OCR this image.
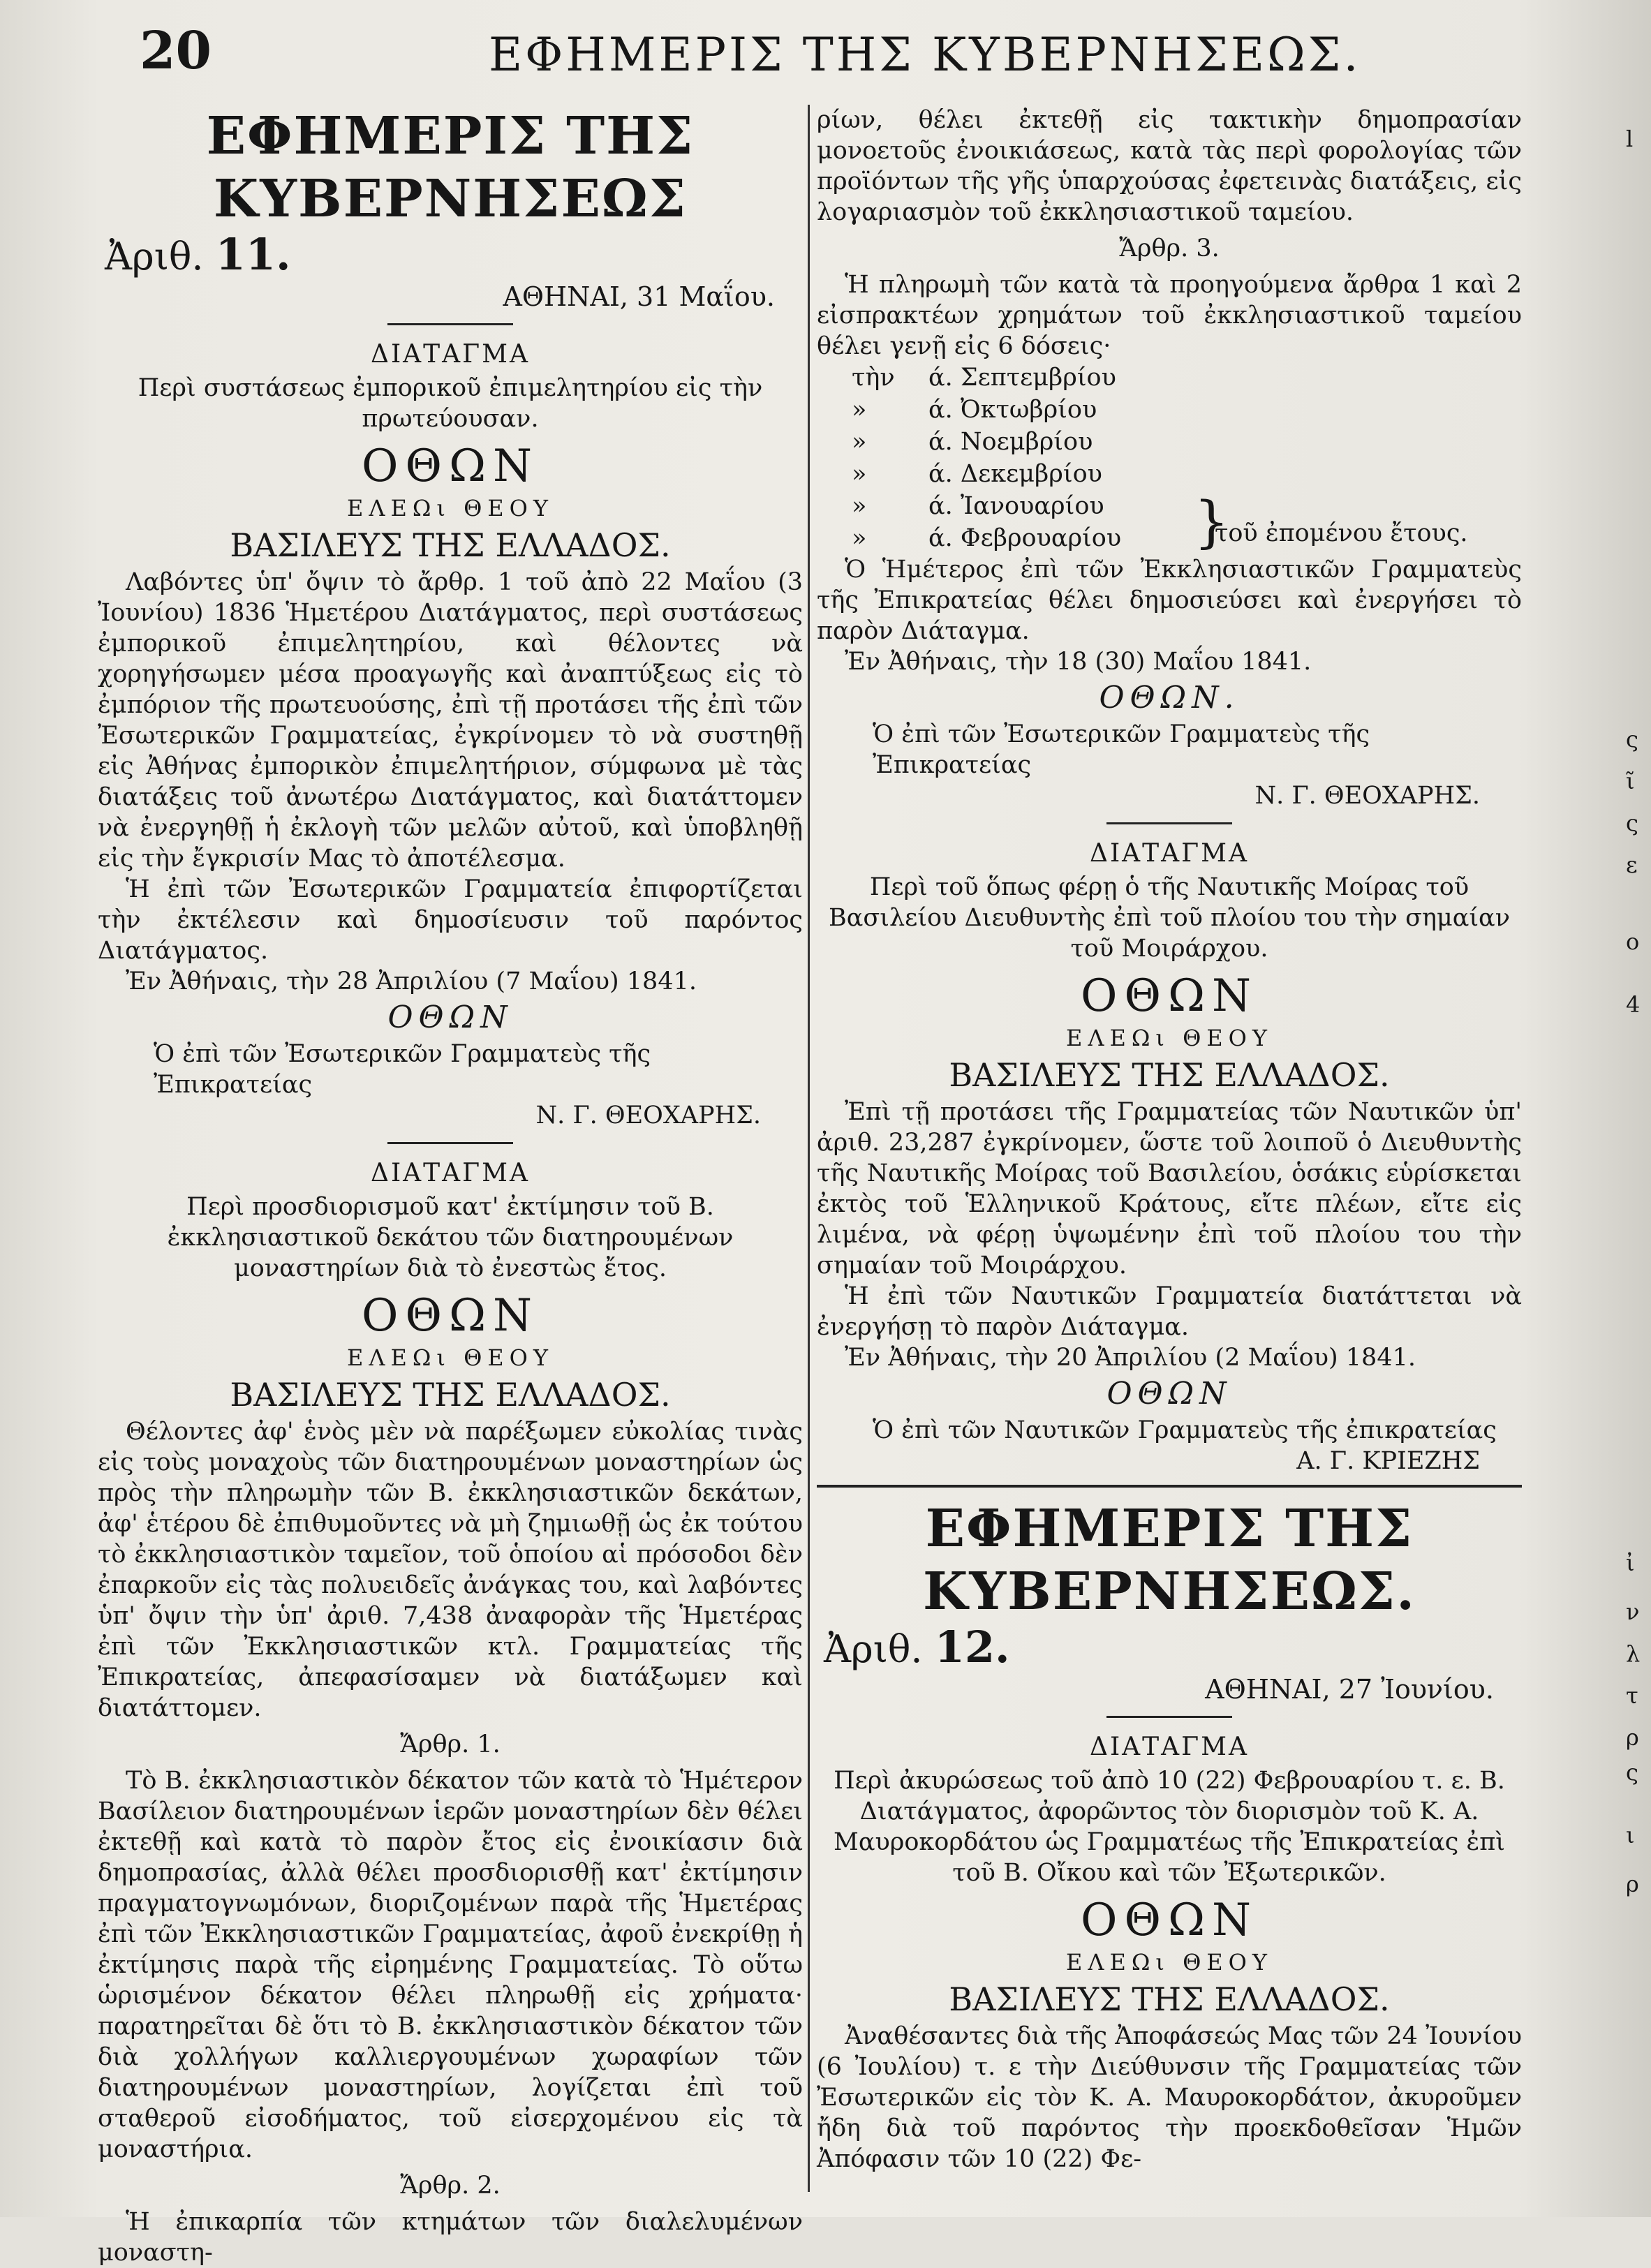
20	ΕΦΗΜΕΡΙΣ ΤΗΣ ΚΥΒΕΡΝΗΣΕΩΣ.
ΕΦΗΜΕΡΙΣ ΤΗΣ ΚΥΒΕΡΝΗΣΕΩΣ
Ἀριθ. 11.
ΑΘΗΝΑΙ, 31 Μαΐου.
ΔΙΑΤΑΓΜΑ
Περὶ συστάσεως ἐμπορικοῦ ἐπιμελητηρίου εἰς τὴν πρωτεύουσαν.
ΟΘΩΝ
ΕΛΕΩι ΘΕΟΥ
ΒΑΣΙΛΕΥΣ ΤΗΣ ΕΛΛΑΔΟΣ.

Λαβόντες ὑπ' ὄψιν τὸ ἄρθρ. 1 τοῦ ἀπὸ 22 Μαΐου (3 Ἰουνίου) 1836 Ἡμετέρου Διατάγματος, περὶ συστάσεως ἐμπορικοῦ ἐπιμελητηρίου, καὶ θέλοντες νὰ χορηγήσωμεν μέσα προαγωγῆς καὶ ἀναπτύξεως εἰς τὸ ἐμπόριον τῆς πρωτευούσης, ἐπὶ τῇ προτάσει τῆς ἐπὶ τῶν Ἐσωτερικῶν Γραμματείας, ἐγκρίνομεν τὸ νὰ συστηθῇ εἰς Ἀθήνας ἐμπορικὸν ἐπιμελητήριον, σύμφωνα μὲ τὰς διατάξεις τοῦ ἀνωτέρω Διατάγματος, καὶ διατάττομεν νὰ ἐνεργηθῇ ἡ ἐκλογὴ τῶν μελῶν αὐτοῦ, καὶ ὑποβληθῇ εἰς τὴν ἔγκρισίν Μας τὸ ἀποτέλεσμα.

Ἡ ἐπὶ τῶν Ἐσωτερικῶν Γραμματεία ἐπιφορτίζεται τὴν ἐκτέλεσιν καὶ δημοσίευσιν τοῦ παρόντος Διατάγματος.

Ἐν Ἀθήναις, τὴν 28 Ἀπριλίου (7 Μαΐου) 1841.

ΟΘΩΝ
Ὁ ἐπὶ τῶν Ἐσωτερικῶν Γραμματεὺς τῆς Ἐπικρατείας
Ν. Γ. ΘΕΟΧΑΡΗΣ.
ΔΙΑΤΑΓΜΑ
Περὶ προσδιορισμοῦ κατ' ἐκτίμησιν τοῦ Β. ἐκκλησιαστικοῦ δεκάτου τῶν διατηρουμένων μοναστηρίων διὰ τὸ ἐνεστὼς ἔτος.
ΟΘΩΝ
ΕΛΕΩι ΘΕΟΥ
ΒΑΣΙΛΕΥΣ ΤΗΣ ΕΛΛΑΔΟΣ.

Θέλοντες ἀφ' ἑνὸς μὲν νὰ παρέξωμεν εὐκολίας τινὰς εἰς τοὺς μοναχοὺς τῶν διατηρουμένων μοναστηρίων ὡς πρὸς τὴν πληρωμὴν τῶν Β. ἐκκλησιαστικῶν δεκάτων, ἀφ' ἑτέρου δὲ ἐπιθυμοῦντες νὰ μὴ ζημιωθῇ ὡς ἐκ τούτου τὸ ἐκκλησιαστικὸν ταμεῖον, τοῦ ὁποίου αἱ πρόσοδοι δὲν ἐπαρκοῦν εἰς τὰς πολυειδεῖς ἀνάγκας του, καὶ λαβόντες ὑπ' ὄψιν τὴν ὑπ' ἀριθ. 7,438 ἀναφορὰν τῆς Ἡμετέρας ἐπὶ τῶν Ἐκκλησιαστικῶν κτλ. Γραμματείας τῆς Ἐπικρατείας, ἀπεφασίσαμεν νὰ διατάξωμεν καὶ διατάττομεν.

Ἄρθρ. 1.

Τὸ Β. ἐκκλησιαστικὸν δέκατον τῶν κατὰ τὸ Ἡμέτερον Βασίλειον διατηρουμένων ἱερῶν μοναστηρίων δὲν θέλει ἐκτεθῇ καὶ κατὰ τὸ παρὸν ἔτος εἰς ἐνοικίασιν διὰ δημοπρασίας, ἀλλὰ θέλει προσδιορισθῇ κατ' ἐκτίμησιν πραγματογνωμόνων, διοριζομένων παρὰ τῆς Ἡμετέρας ἐπὶ τῶν Ἐκκλησιαστικῶν Γραμματείας, ἀφοῦ ἐνεκρίθῃ ἡ ἐκτίμησις παρὰ τῆς εἰρημένης Γραμματείας. Τὸ οὕτω ὡρισμένον δέκατον θέλει πληρωθῇ εἰς χρήματα· παρατηρεῖται δὲ ὅτι τὸ Β. ἐκκλησιαστικὸν δέκατον τῶν διὰ χολλήγων καλλιεργουμένων χωραφίων τῶν διατηρουμένων μοναστηρίων, λογίζεται ἐπὶ τοῦ σταθεροῦ εἰσοδήματος, τοῦ εἰσερχομένου εἰς τὰ μοναστήρια.

Ἄρθρ. 2.

Ἡ ἐπικαρπία τῶν κτημάτων τῶν διαλελυμένων μοναστη-

ρίων, θέλει ἐκτεθῇ εἰς τακτικὴν δημοπρασίαν μονοετοῦς ἐνοικιάσεως, κατὰ τὰς περὶ φορολογίας τῶν προϊόντων τῆς γῆς ὑπαρχούσας ἐφετεινὰς διατάξεις, εἰς λογαριασμὸν τοῦ ἐκκλησιαστικοῦ ταμείου.

Ἄρθρ. 3.

Ἡ πληρωμὴ τῶν κατὰ τὰ προηγούμενα ἄρθρα 1 καὶ 2 εἰσπρακτέων χρημάτων τοῦ ἐκκλησιαστικοῦ ταμείου θέλει γενῇ εἰς 6 δόσεις·

τὴν	ά. Σεπτεμβρίου
»	ά. Ὀκτωβρίου
»	ά. Νοεμβρίου
»	ά. Δεκεμβρίου
»	ά. Ἰανουαρίου
»	ά. Φεβρουαρίου	}τοῦ ἐπομένου ἔτους.

Ὁ Ἡμέτερος ἐπὶ τῶν Ἐκκλησιαστικῶν Γραμματεὺς τῆς Ἐπικρατείας θέλει δημοσιεύσει καὶ ἐνεργήσει τὸ παρὸν Διάταγμα.

Ἐν Ἀθήναις, τὴν 18 (30) Μαΐου 1841.

ΟΘΩΝ.
Ὁ ἐπὶ τῶν Ἐσωτερικῶν Γραμματεὺς τῆς Ἐπικρατείας
Ν. Γ. ΘΕΟΧΑΡΗΣ.
ΔΙΑΤΑΓΜΑ
Περὶ τοῦ ὅπως φέρῃ ὁ τῆς Ναυτικῆς Μοίρας τοῦ Βασιλείου Διευθυντὴς ἐπὶ τοῦ πλοίου του τὴν σημαίαν τοῦ Μοιράρχου.
ΟΘΩΝ
ΕΛΕΩι ΘΕΟΥ
ΒΑΣΙΛΕΥΣ ΤΗΣ ΕΛΛΑΔΟΣ.

Ἐπὶ τῇ προτάσει τῆς Γραμματείας τῶν Ναυτικῶν ὑπ' ἀριθ. 23,287 ἐγκρίνομεν, ὥστε τοῦ λοιποῦ ὁ Διευθυντὴς τῆς Ναυτικῆς Μοίρας τοῦ Βασιλείου, ὁσάκις εὑρίσκεται ἐκτὸς τοῦ Ἑλληνικοῦ Κράτους, εἴτε πλέων, εἴτε εἰς λιμένα, νὰ φέρῃ ὑψωμένην ἐπὶ τοῦ πλοίου του τὴν σημαίαν τοῦ Μοιράρχου.

Ἡ ἐπὶ τῶν Ναυτικῶν Γραμματεία διατάττεται νὰ ἐνεργήσῃ τὸ παρὸν Διάταγμα.

Ἐν Ἀθήναις, τὴν 20 Ἀπριλίου (2 Μαΐου) 1841.

ΟΘΩΝ
Ὁ ἐπὶ τῶν Ναυτικῶν Γραμματεὺς τῆς ἐπικρατείας
Α. Γ. ΚΡΙΕΖΗΣ
ΕΦΗΜΕΡΙΣ ΤΗΣ ΚΥΒΕΡΝΗΣΕΩΣ.
Ἀριθ. 12.
ΑΘΗΝΑΙ, 27 Ἰουνίου.
ΔΙΑΤΑΓΜΑ
Περὶ ἀκυρώσεως τοῦ ἀπὸ 10 (22) Φεβρουαρίου τ. ε. Β. Διατάγματος, ἀφορῶντος τὸν διορισμὸν τοῦ Κ. Α. Μαυροκορδάτου ὡς Γραμματέως τῆς Ἐπικρατείας ἐπὶ τοῦ Β. Οἴκου καὶ τῶν Ἐξωτερικῶν.
ΟΘΩΝ
ΕΛΕΩι ΘΕΟΥ
ΒΑΣΙΛΕΥΣ ΤΗΣ ΕΛΛΑΔΟΣ.

Ἀναθέσαντες διὰ τῆς Ἀποφάσεώς Μας τῶν 24 Ἰουνίου (6 Ἰουλίου) τ. ε τὴν Διεύθυνσιν τῆς Γραμματείας τῶν Ἐσωτερικῶν εἰς τὸν Κ. Α. Μαυροκορδάτον, ἀκυροῦμεν ἤδη διὰ τοῦ παρόντος τὴν προεκδοθεῖσαν Ἡμῶν Ἀπόφασιν τῶν 10 (22) Φε-

l
ς
ῖ
ς
ε
ο
4
ἰ
ν
λ
τ
ρ
ς
ι
ρ
